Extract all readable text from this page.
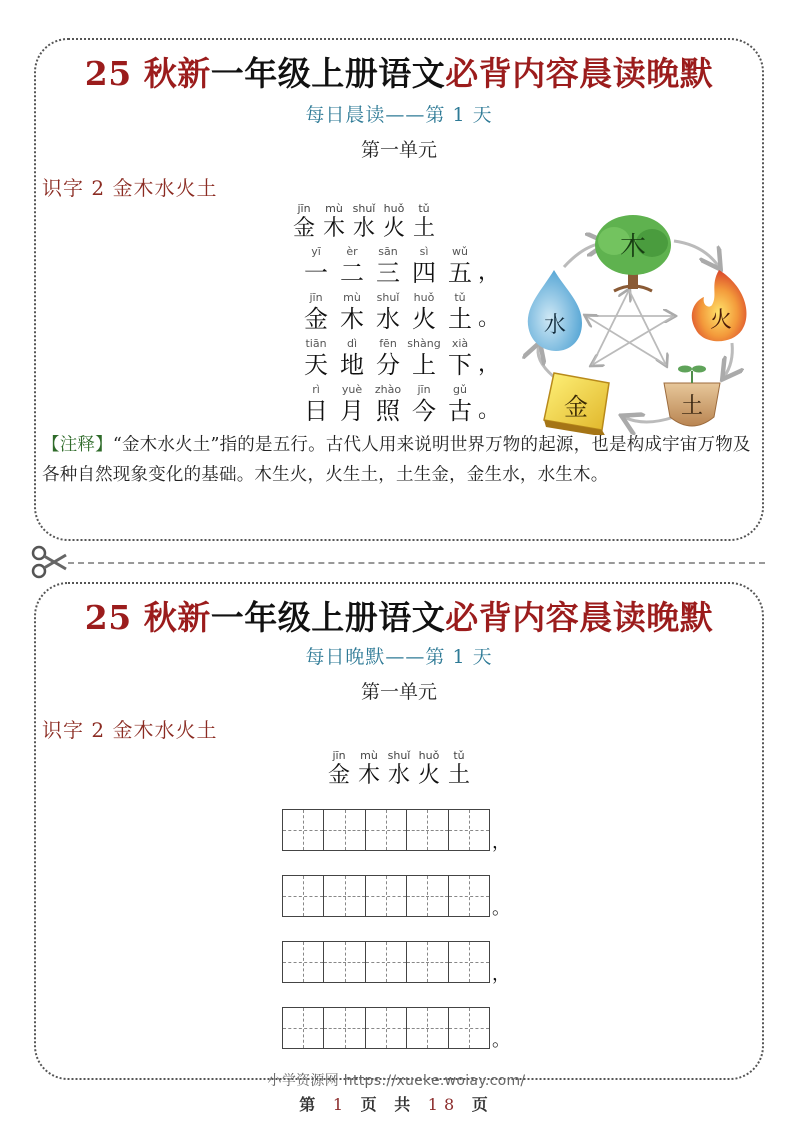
25 秋新一年级上册语文必背内容晨读晚默
每日晨读——第 1 天
第一单元
识字 2 金木水火土
jīn	mù shuǐ huǒ	tǔ
金 木 水 火 土
yī	èr	sān	sì	wǔ
一 二 三 四 五 ，
jīn	mù	shuǐ	huǒ	tǔ
金 木 水 火 土 。
tiān	dì	fēn shàng	xià
天 地 分 上 下 ，
rì	yuè	zhào	jīn	gǔ
日 月 照 今 古 。
木
火
水
金	土
【注释】“金木水火土”指的是五行。古代人用来说明世界万物的起源，也是构成宇宙万物及各种自然现象变化的基础。木生火，火生土，土生金，金生水，水生木。
25 秋新一年级上册语文必背内容晨读晚默
每日晚默——第 1 天
第一单元
识字 2 金木水火土
jīn	mù shuǐ huǒ	tǔ
金 木 水 火 土
，
。
，
。
小学资源网 https://xueke.woiay.com/
第 1 页 共 18 页
